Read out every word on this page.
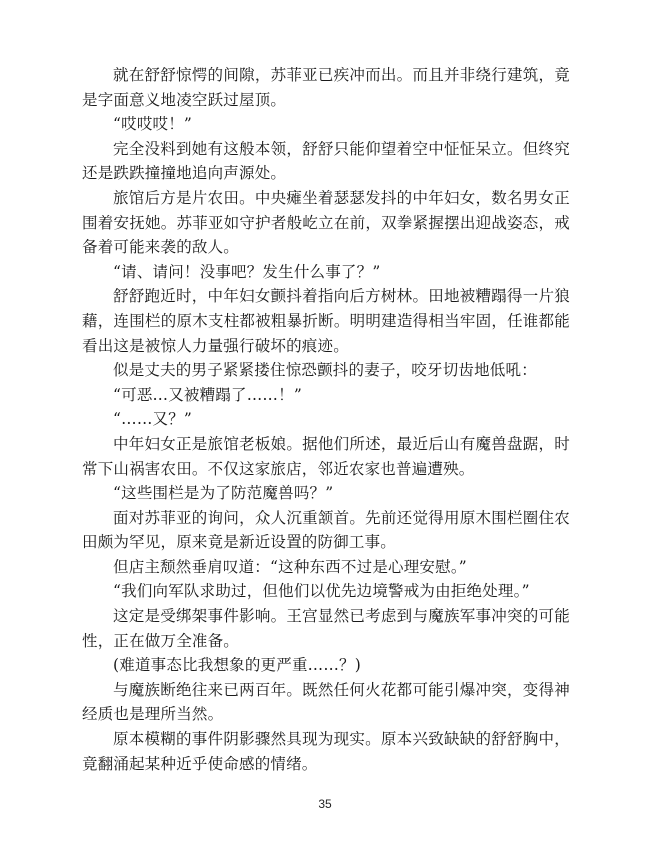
就在舒舒惊愕的间隙，苏菲亚已疾冲而出。而且并非绕行建筑，竟是字面意义地凌空跃过屋顶。

“哎哎哎！”

完全没料到她有这般本领，舒舒只能仰望着空中怔怔呆立。但终究还是跌跌撞撞地追向声源处。

旅馆后方是片农田。中央瘫坐着瑟瑟发抖的中年妇女，数名男女正围着安抚她。苏菲亚如守护者般屹立在前，双拳紧握摆出迎战姿态，戒备着可能来袭的敌人。

“请、请问！没事吧？发生什么事了？”

舒舒跑近时，中年妇女颤抖着指向后方树林。田地被糟蹋得一片狼藉，连围栏的原木支柱都被粗暴折断。明明建造得相当牢固，任谁都能看出这是被惊人力量强行破坏的痕迹。

似是丈夫的男子紧紧搂住惊恐颤抖的妻子，咬牙切齿地低吼：

“可恶…又被糟蹋了……！”

“……又？”

中年妇女正是旅馆老板娘。据他们所述，最近后山有魔兽盘踞，时常下山祸害农田。不仅这家旅店，邻近农家也普遍遭殃。

“这些围栏是为了防范魔兽吗？”

面对苏菲亚的询问，众人沉重颔首。先前还觉得用原木围栏圈住农田颇为罕见，原来竟是新近设置的防御工事。

但店主颓然垂肩叹道：“这种东西不过是心理安慰。”

“我们向军队求助过，但他们以优先边境警戒为由拒绝处理。”

这定是受绑架事件影响。王宫显然已考虑到与魔族军事冲突的可能性，正在做万全准备。

(难道事态比我想象的更严重……？)

与魔族断绝往来已两百年。既然任何火花都可能引爆冲突，变得神经质也是理所当然。

原本模糊的事件阴影骤然具现为现实。原本兴致缺缺的舒舒胸中，竟翻涌起某种近乎使命感的情绪。

35
